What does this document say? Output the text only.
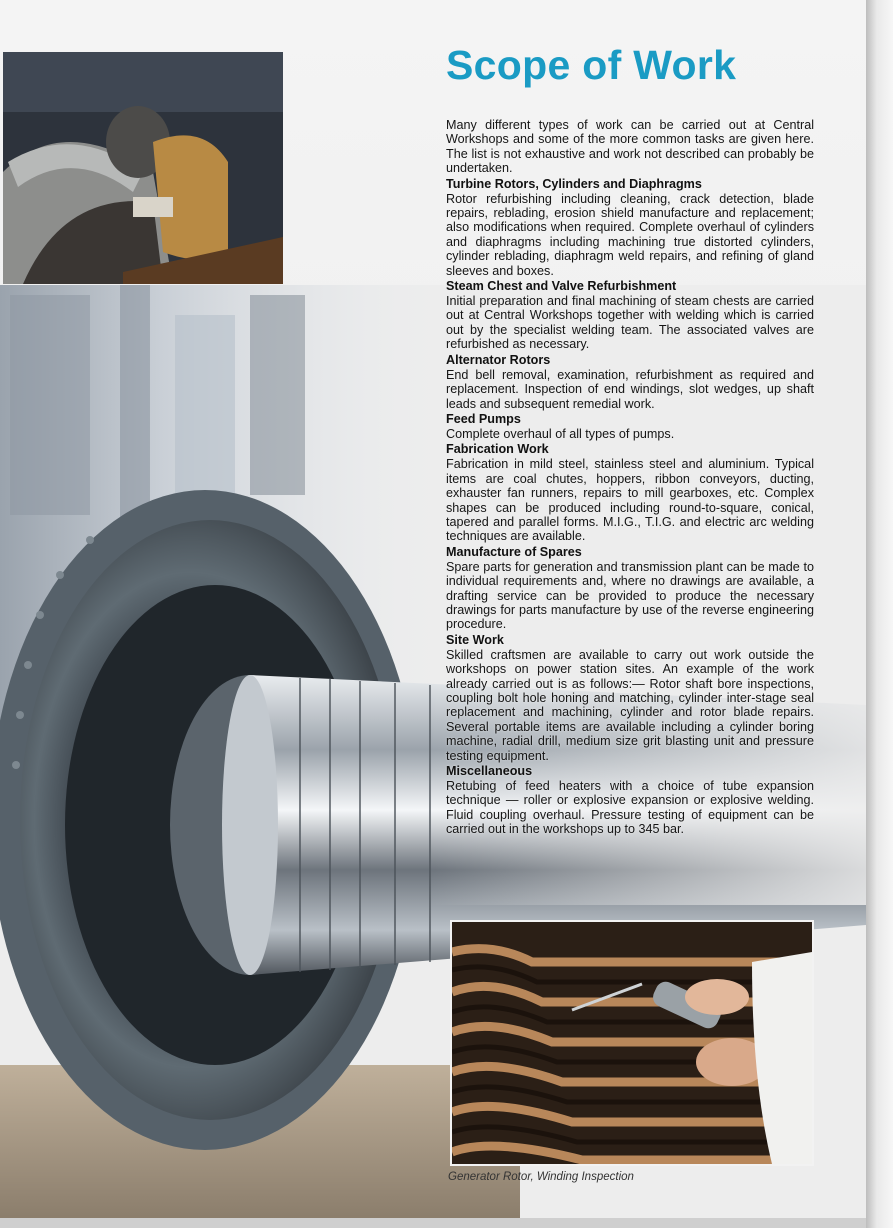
Generator Rotor, Winding Inspection
Scope of Work

Many different types of work can be carried out at Central Workshops and some of the more common tasks are given here. The list is not exhaustive and work not described can probably be undertaken.

Turbine Rotors, Cylinders and Diaphragms

Rotor refurbishing including cleaning, crack detection, blade repairs, reblading, erosion shield manufacture and replacement; also modifications when required. Complete overhaul of cylinders and diaphragms including machining true distorted cylinders, cylinder reblading, diaphragm weld repairs, and refining of gland sleeves and boxes.

Steam Chest and Valve Refurbishment

Initial preparation and final machining of steam chests are carried out at Central Workshops together with welding which is carried out by the specialist welding team. The associated valves are refurbished as necessary.

Alternator Rotors

End bell removal, examination, refurbishment as required and replacement. Inspection of end windings, slot wedges, up shaft leads and subsequent remedial work.

Feed Pumps

Complete overhaul of all types of pumps.

Fabrication Work

Fabrication in mild steel, stainless steel and aluminium. Typical items are coal chutes, hoppers, ribbon conveyors, ducting, exhauster fan runners, repairs to mill gearboxes, etc. Complex shapes can be produced including round-to-square, conical, tapered and parallel forms. M.I.G., T.I.G. and electric arc welding techniques are available.

Manufacture of Spares

Spare parts for generation and transmission plant can be made to individual requirements and, where no drawings are available, a drafting service can be provided to produce the necessary drawings for parts manufacture by use of the reverse engineering procedure.

Site Work

Skilled craftsmen are available to carry out work outside the workshops on power station sites. An example of the work already carried out is as follows:— Rotor shaft bore inspections, coupling bolt hole honing and matching, cylinder inter-stage seal replacement and machining, cylinder and rotor blade repairs. Several portable items are available including a cylinder boring machine, radial drill, medium size grit blasting unit and pressure testing equipment.

Miscellaneous

Retubing of feed heaters with a choice of tube expansion technique — roller or explosive expansion or explosive welding. Fluid coupling overhaul. Pressure testing of equipment can be carried out in the workshops up to 345 bar.
